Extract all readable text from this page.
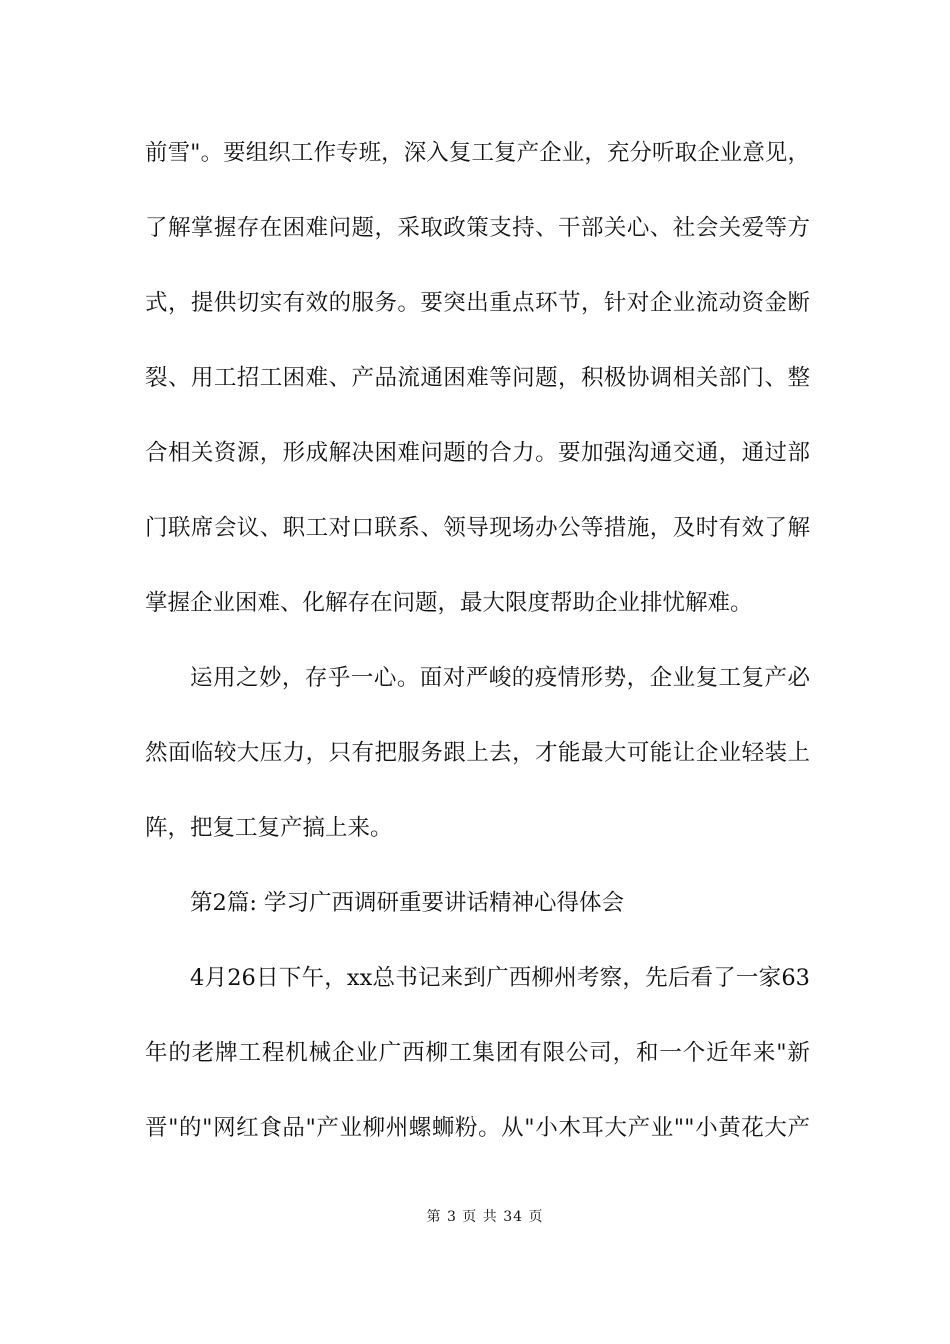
前雪"。要组织工作专班，深入复工复产企业，充分听取企业意见，
了解掌握存在困难问题，采取政策支持、干部关心、社会关爱等方
式，提供切实有效的服务。要突出重点环节，针对企业流动资金断
裂、用工招工困难、产品流通困难等问题，积极协调相关部门、整
合相关资源，形成解决困难问题的合力。要加强沟通交通，通过部
门联席会议、职工对口联系、领导现场办公等措施，及时有效了解
掌握企业困难、化解存在问题，最大限度帮助企业排忧解难。
运用之妙，存乎一心。面对严峻的疫情形势，企业复工复产必
然面临较大压力，只有把服务跟上去，才能最大可能让企业轻装上
阵，把复工复产搞上来。
第2篇: 学习广西调研重要讲话精神心得体会
4月26日下午，xx总书记来到广西柳州考察，先后看了一家63
年的老牌工程机械企业广西柳工集团有限公司，和一个近年来"新
晋"的"网红食品"产业柳州螺蛳粉。从"小木耳大产业""小黄花大产
第 3 页 共 34 页
